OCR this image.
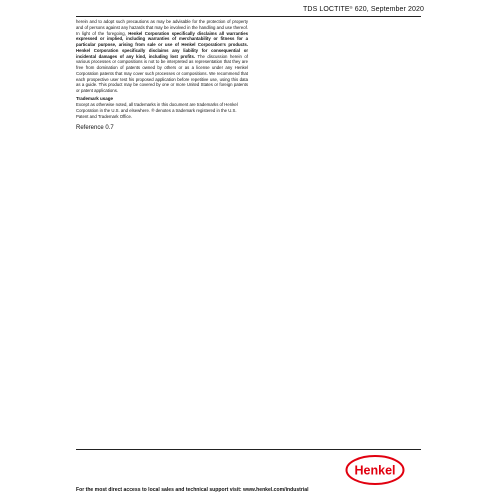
TDS LOCTITE® 620, September 2020

herein and to adopt such precautions as may be advisable for the protection of property and of persons against any hazards that may be involved in the handling and use thereof. In light of the foregoing, Henkel Corporation specifically disclaims all warranties expressed or implied, including warranties of merchantability or fitness for a particular purpose, arising from sale or use of Henkel Corporation's products. Henkel Corporation specifically disclaims any liability for consequential or incidental damages of any kind, including lost profits. The discussion herein of various processes or compositions is not to be interpreted as representation that they are free from domination of patents owned by others or as a license under any Henkel Corporation patents that may cover such processes or compositions. We recommend that each prospective user test his proposed application before repetitive use, using this data as a guide. This product may be covered by one or more United States or foreign patents or patent applications.

Trademark usage

Except as otherwise noted, all trademarks in this document are trademarks of Henkel Corporation in the U.S. and elsewhere. ® denotes a trademark registered in the U.S. Patent and Trademark Office.

Reference 0.7

Henkel

For the most direct access to local sales and technical support visit: www.henkel.com/industrial
